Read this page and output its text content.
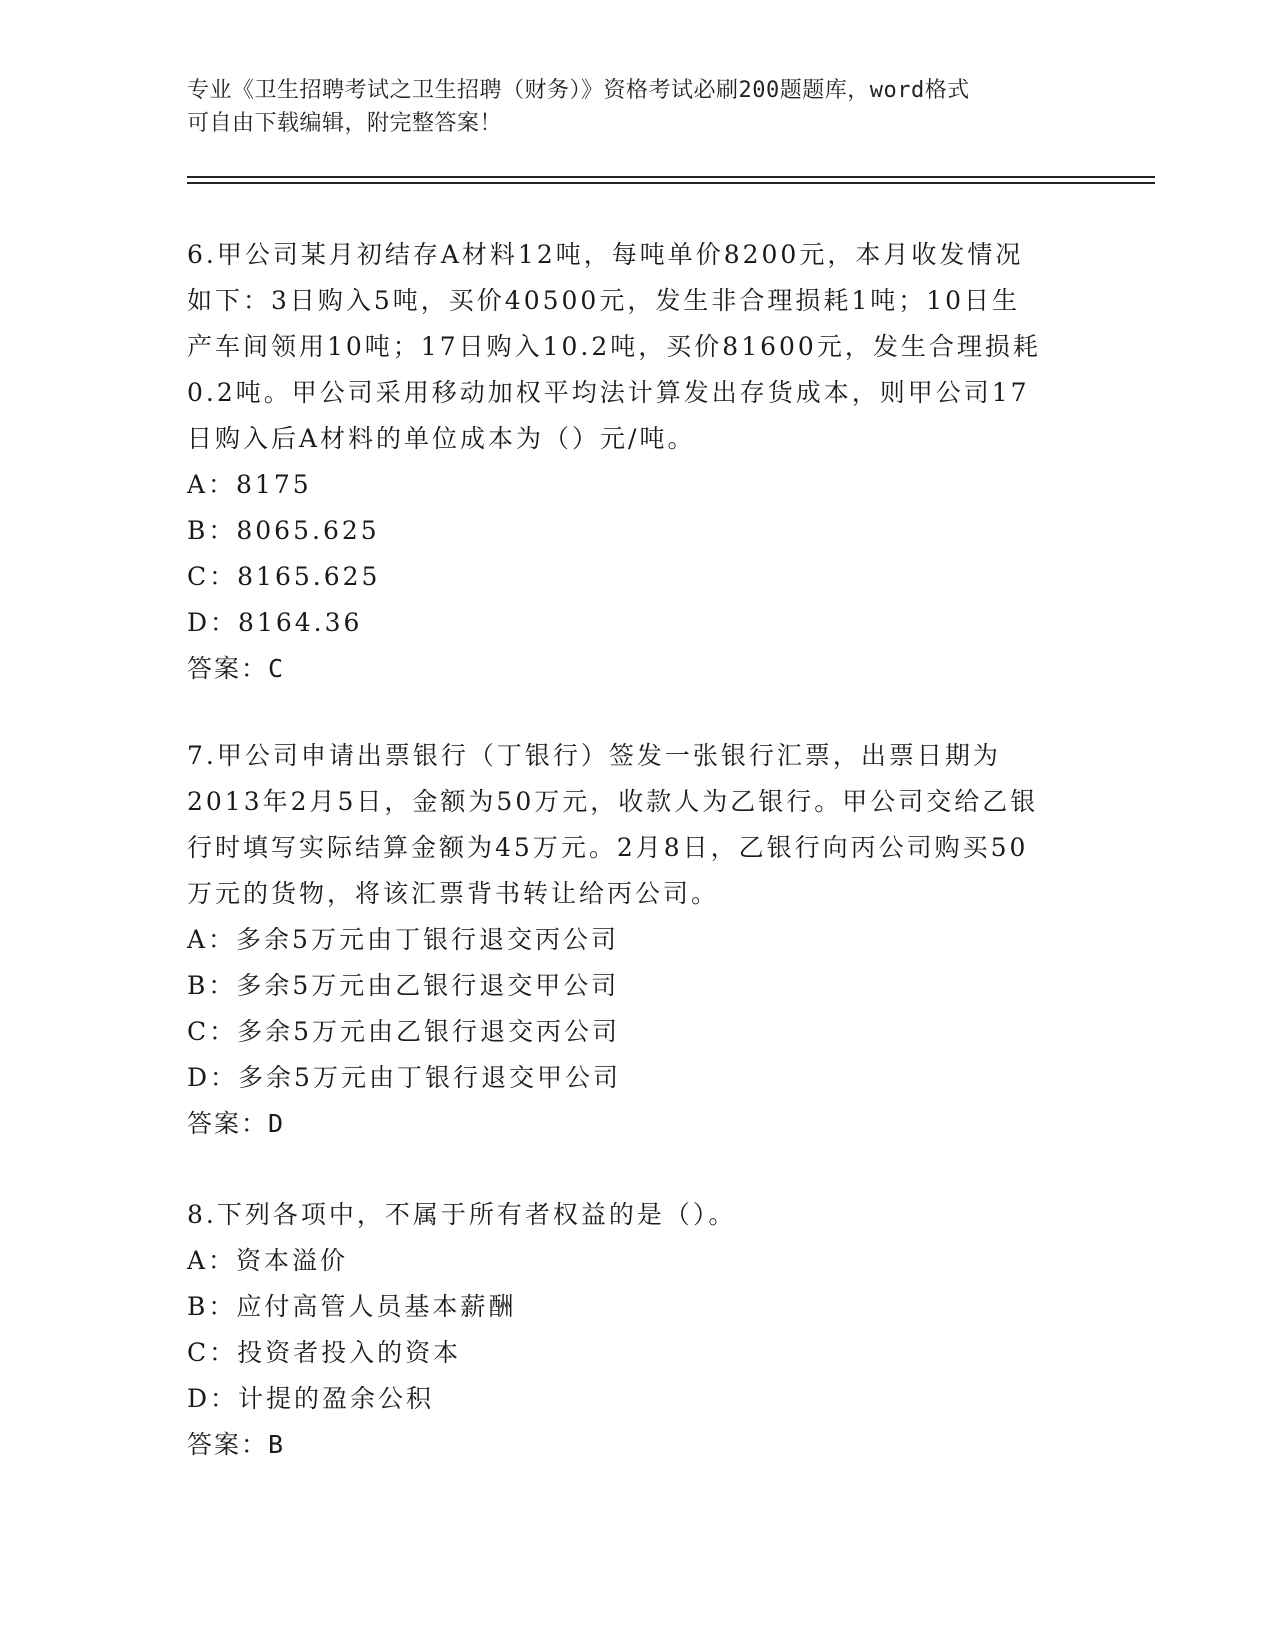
专业《卫生招聘考试之卫生招聘（财务）》资格考试必刷200题题库，word格式
可自由下载编辑，附完整答案！

6.甲公司某月初结存A材料12吨，每吨单价8200元，本月收发情况

如下：3日购入5吨，买价40500元，发生非合理损耗1吨；10日生

产车间领用10吨；17日购入10.2吨，买价81600元，发生合理损耗

0.2吨。甲公司采用移动加权平均法计算发出存货成本，则甲公司17

日购入后A材料的单位成本为（）元/吨。

A：8175

B：8065.625

C：8165.625

D：8164.36

答案：C

7.甲公司申请出票银行（丁银行）签发一张银行汇票，出票日期为

2013年2月5日，金额为50万元，收款人为乙银行。甲公司交给乙银

行时填写实际结算金额为45万元。2月8日，乙银行向丙公司购买50

万元的货物，将该汇票背书转让给丙公司。

A：多余5万元由丁银行退交丙公司

B：多余5万元由乙银行退交甲公司

C：多余5万元由乙银行退交丙公司

D：多余5万元由丁银行退交甲公司

答案：D

8.下列各项中，不属于所有者权益的是（）。

A：资本溢价

B：应付高管人员基本薪酬

C：投资者投入的资本

D：计提的盈余公积

答案：B
